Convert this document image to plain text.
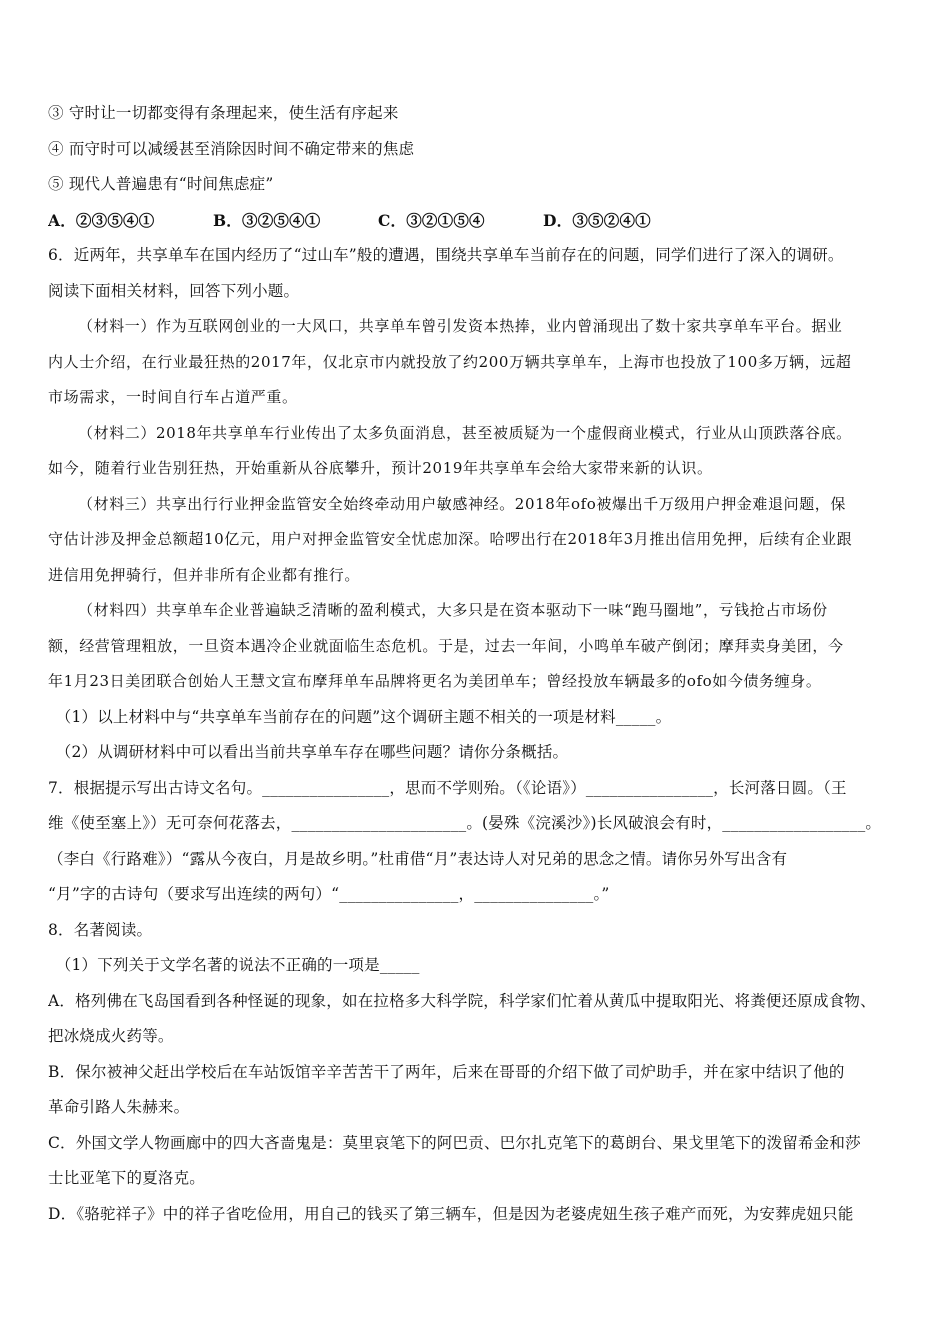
③ 守时让一切都变得有条理起来，使生活有序起来
④ 而守时可以减缓甚至消除因时间不确定带来的焦虑
⑤ 现代人普遍患有“时间焦虑症”
A．②③⑤④①	B．③②⑤④①	C．③②①⑤④	D．③⑤②④①
6．近两年，共享单车在国内经历了“过山车”般的遭遇，围绕共享单车当前存在的问题，同学们进行了深入的调研。
阅读下面相关材料，回答下列小题。
（材料一）作为互联网创业的一大风口，共享单车曾引发资本热捧，业内曾涌现出了数十家共享单车平台。据业
内人士介绍，在行业最狂热的2017年，仅北京市内就投放了约200万辆共享单车，上海市也投放了100多万辆，远超
市场需求，一时间自行车占道严重。
（材料二）2018年共享单车行业传出了太多负面消息，甚至被质疑为一个虚假商业模式，行业从山顶跌落谷底。
如今，随着行业告别狂热，开始重新从谷底攀升，预计2019年共享单车会给大家带来新的认识。
（材料三）共享出行行业押金监管安全始终牵动用户敏感神经。2018年ofo被爆出千万级用户押金难退问题，保
守估计涉及押金总额超10亿元，用户对押金监管安全忧虑加深。哈啰出行在2018年3月推出信用免押，后续有企业跟
进信用免押骑行，但并非所有企业都有推行。
（材料四）共享单车企业普遍缺乏清晰的盈利模式，大多只是在资本驱动下一味“跑马圈地”，亏钱抢占市场份
额，经营管理粗放，一旦资本遇冷企业就面临生态危机。于是，过去一年间，小鸣单车破产倒闭；摩拜卖身美团，今
年1月23日美团联合创始人王慧文宣布摩拜单车品牌将更名为美团单车；曾经投放车辆最多的ofo如今债务缠身。
（1）以上材料中与“共享单车当前存在的问题”这个调研主题不相关的一项是材料_____。
（2）从调研材料中可以看出当前共享单车存在哪些问题？请你分条概括。
7．根据提示写出古诗文名句。________________，思而不学则殆。（《论语》）________________，长河落日圆。（王
维《使至塞上》）无可奈何花落去，______________________。(晏殊《浣溪沙》)长风破浪会有时，__________________。
（李白《行路难》）“露从今夜白，月是故乡明。”杜甫借“月”表达诗人对兄弟的思念之情。请你另外写出含有
“月”字的古诗句（要求写出连续的两句）“_______________，_______________。”
8．名著阅读。
（1）下列关于文学名著的说法不正确的一项是_____
A．格列佛在飞岛国看到各种怪诞的现象，如在拉格多大科学院，科学家们忙着从黄瓜中提取阳光、将粪便还原成食物、
把冰烧成火药等。
B．保尔被神父赶出学校后在车站饭馆辛辛苦苦干了两年，后来在哥哥的介绍下做了司炉助手，并在家中结识了他的
革命引路人朱赫来。
C．外国文学人物画廊中的四大吝啬鬼是：莫里哀笔下的阿巴贡、巴尔扎克笔下的葛朗台、果戈里笔下的泼留希金和莎
士比亚笔下的夏洛克。
D．《骆驼祥子》中的祥子省吃俭用，用自己的钱买了第三辆车，但是因为老婆虎妞生孩子难产而死，为安葬虎妞只能
